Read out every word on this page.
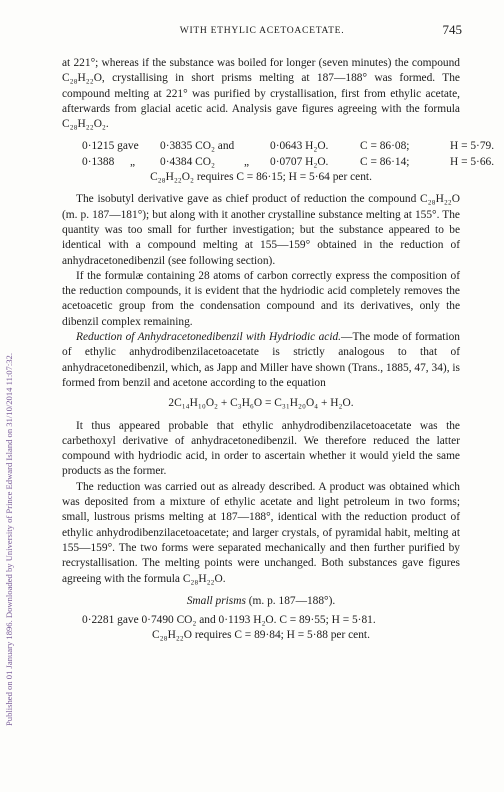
Published on 01 January 1896. Downloaded by University of Prince Edward Island on 31/10/2014 11:07:32.
WITH ETHYLIC ACETOACETATE.	745

at 221°; whereas if the substance was boiled for longer (seven minutes) the compound C₂₈H₂₂O, crystallising in short prisms melting at 187—188° was formed. The compound melting at 221° was purified by crystallisation, first from ethylic acetate, afterwards from glacial acetic acid. Analysis gave figures agreeing with the formula C₂₈H₂₂O₂.

0·1215 gave 0·3835 CO₂ and	0·0643 H₂O.	C = 86·08;	H = 5·79.

0·1388 „ 0·4384 CO₂	„ 0·0707 H₂O.	C = 86·14;	H = 5·66.

C₂₈H₂₂O₂ requires C = 86·15; H = 5·64 per cent.

The isobutyl derivative gave as chief product of reduction the compound C₂₈H₂₂O (m. p. 187—181°); but along with it another crystalline substance melting at 155°. The quantity was too small for further investigation; but the substance appeared to be identical with a compound melting at 155—159° obtained in the reduction of anhydracetonedibenzil (see following section).

If the formulæ containing 28 atoms of carbon correctly express the composition of the reduction compounds, it is evident that the hydriodic acid completely removes the acetoacetic group from the condensation compound and its derivatives, only the dibenzil complex remaining.

Reduction of Anhydracetonedibenzil with Hydriodic acid.—The mode of formation of ethylic anhydrodibenzilacetoacetate is strictly analogous to that of anhydracetonedibenzil, which, as Japp and Miller have shown (Trans., 1885, 47, 34), is formed from benzil and acetone according to the equation

2C₁₄H₁₀O₂ + C₃H₆O = C₃₁H₂₀O₄ + H₂O.

It thus appeared probable that ethylic anhydrodibenzilacetoacetate was the carbethoxyl derivative of anhydracetonedibenzil. We therefore reduced the latter compound with hydriodic acid, in order to ascertain whether it would yield the same products as the former.

The reduction was carried out as already described. A product was obtained which was deposited from a mixture of ethylic acetate and light petroleum in two forms; small, lustrous prisms melting at 187—188°, identical with the reduction product of ethylic anhydrodibenzilacetoacetate; and larger crystals, of pyramidal habit, melting at 155—159°. The two forms were separated mechanically and then further purified by recrystallisation. The melting points were unchanged. Both substances gave figures agreeing with the formula C₂₈H₂₂O.

Small prisms (m. p. 187—188°).

0·2281 gave 0·7490 CO₂ and 0·1193 H₂O. C = 89·55; H = 5·81.

C₂₈H₂₂O requires C = 89·84; H = 5·88 per cent.
